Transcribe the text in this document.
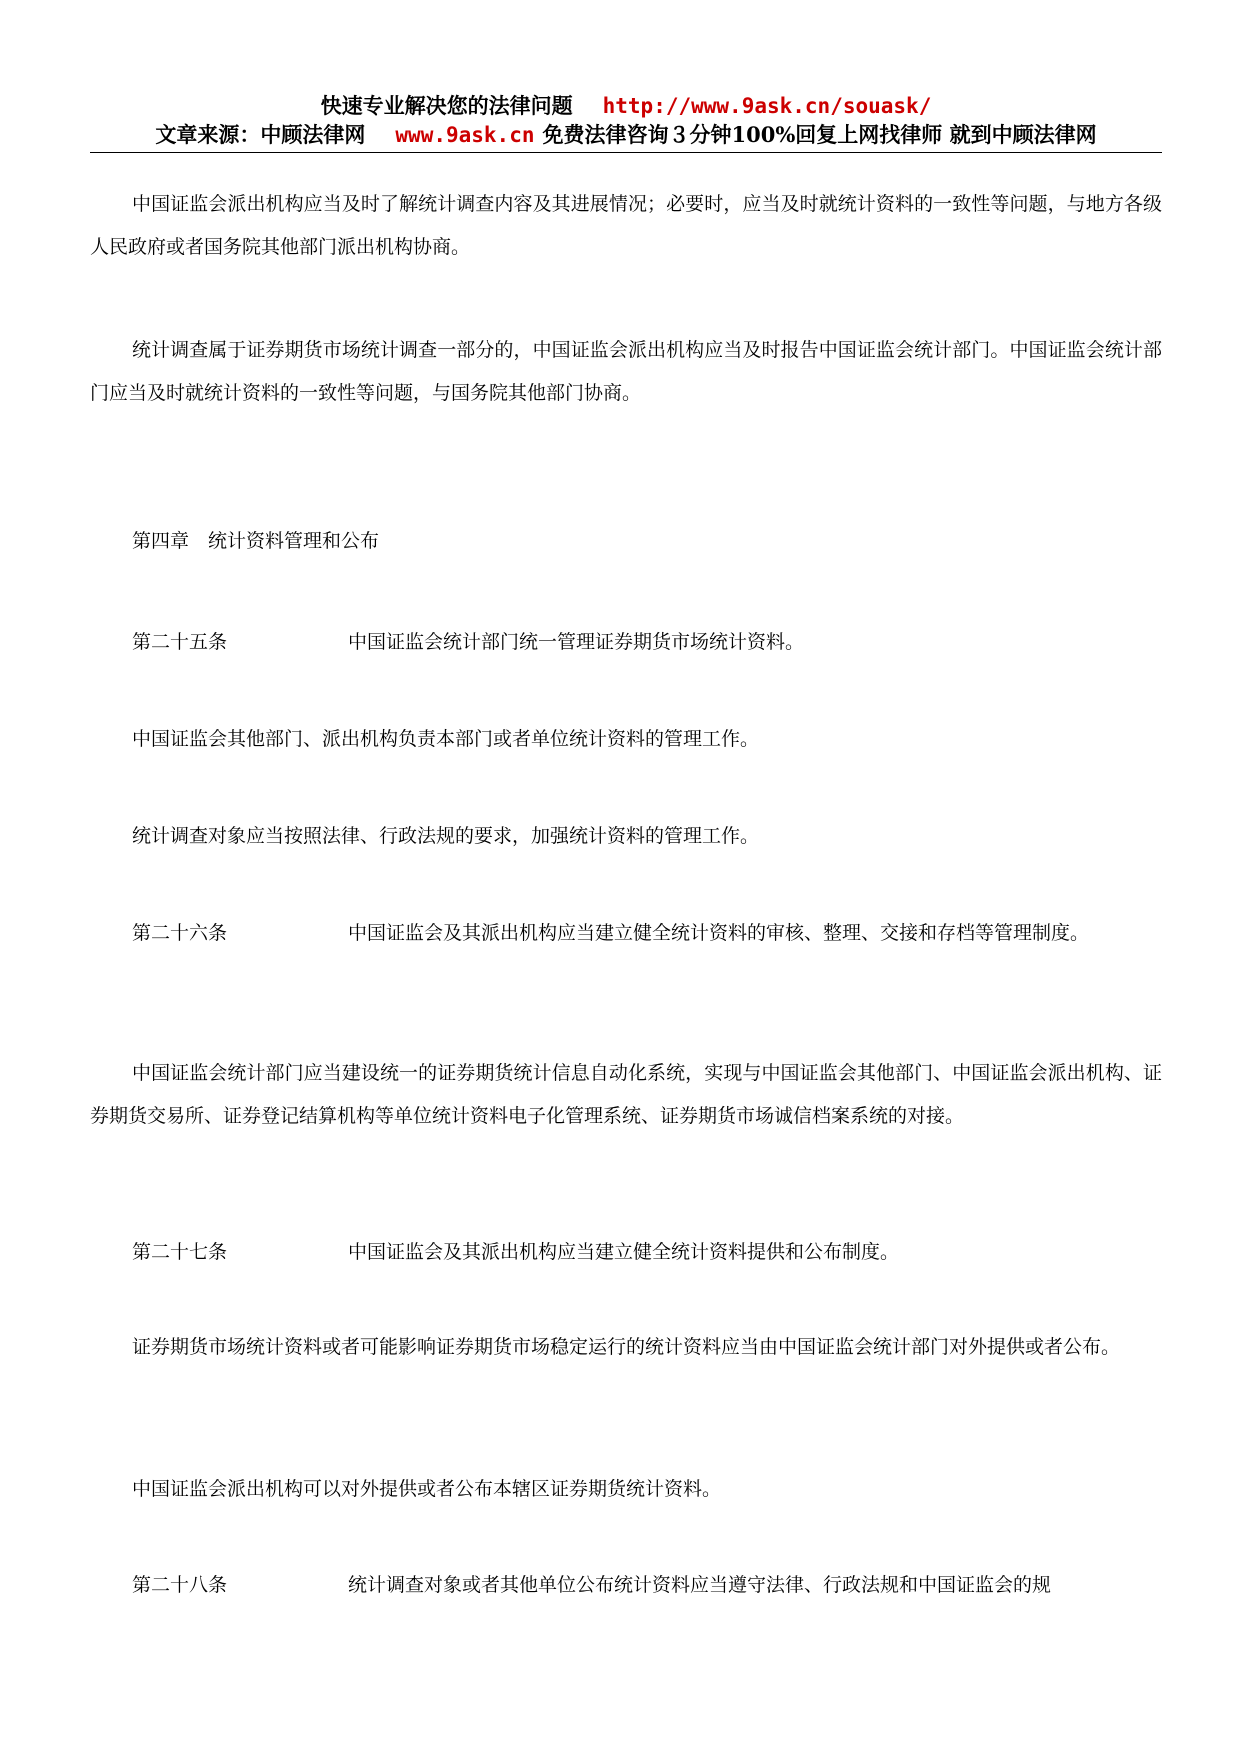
快速专业解决您的法律问题 http://www.9ask.cn/souask/
文章来源：中顾法律网 www.9ask.cn 免费法律咨询３分钟100%回复上网找律师 就到中顾法律网

中国证监会派出机构应当及时了解统计调查内容及其进展情况；必要时，应当及时就统计资料的一致性等问题，与地方各级人民政府或者国务院其他部门派出机构协商。

统计调查属于证券期货市场统计调查一部分的，中国证监会派出机构应当及时报告中国证监会统计部门。中国证监会统计部门应当及时就统计资料的一致性等问题，与国务院其他部门协商。

第四章　统计资料管理和公布

第二十五条	中国证监会统计部门统一管理证券期货市场统计资料。

中国证监会其他部门、派出机构负责本部门或者单位统计资料的管理工作。

统计调查对象应当按照法律、行政法规的要求，加强统计资料的管理工作。

第二十六条	中国证监会及其派出机构应当建立健全统计资料的审核、整理、交接和存档等管理制度。

中国证监会统计部门应当建设统一的证券期货统计信息自动化系统，实现与中国证监会其他部门、中国证监会派出机构、证券期货交易所、证券登记结算机构等单位统计资料电子化管理系统、证券期货市场诚信档案系统的对接。

第二十七条	中国证监会及其派出机构应当建立健全统计资料提供和公布制度。

证券期货市场统计资料或者可能影响证券期货市场稳定运行的统计资料应当由中国证监会统计部门对外提供或者公布。

中国证监会派出机构可以对外提供或者公布本辖区证券期货统计资料。

第二十八条	统计调查对象或者其他单位公布统计资料应当遵守法律、行政法规和中国证监会的规
